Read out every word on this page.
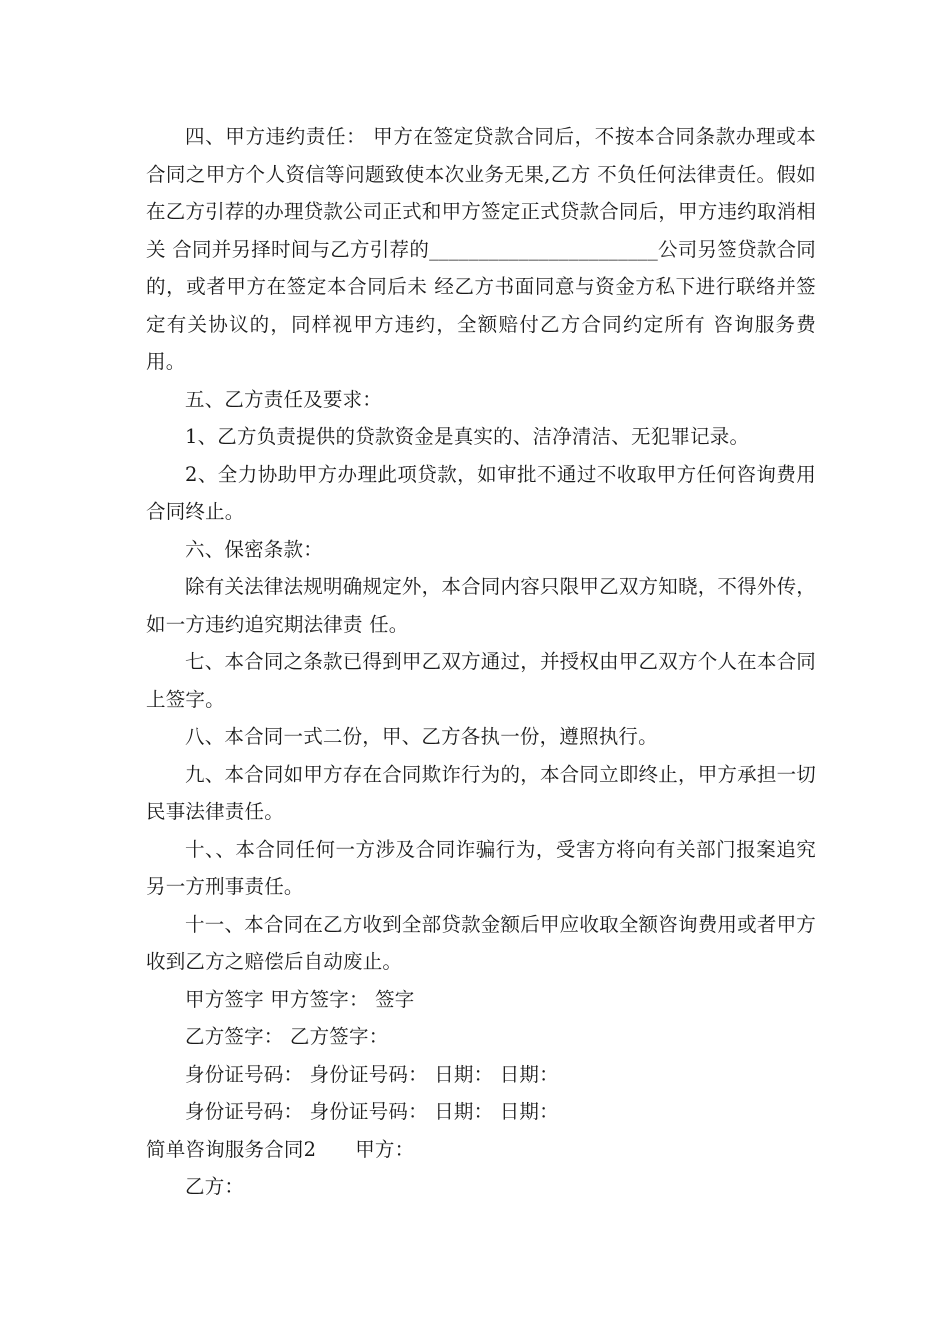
四、甲方违约责任： 甲方在签定贷款合同后，不按本合同条款办理或本合同之甲方个人资信等问题致使本次业务无果,乙方 不负任何法律责任。假如在乙方引荐的办理贷款公司正式和甲方签定正式贷款合同后，甲方违约取消相关 合同并另择时间与乙方引荐的_______________________公司另签贷款合同的，或者甲方在签定本合同后未 经乙方书面同意与资金方私下进行联络并签定有关协议的，同样视甲方违约，全额赔付乙方合同约定所有 咨询服务费用。

五、乙方责任及要求：

1、乙方负责提供的贷款资金是真实的、洁净清洁、无犯罪记录。

2、全力协助甲方办理此项贷款，如审批不通过不收取甲方任何咨询费用合同终止。

六、保密条款：

除有关法律法规明确规定外，本合同内容只限甲乙双方知晓，不得外传，如一方违约追究期法律责 任。

七、本合同之条款已得到甲乙双方通过，并授权由甲乙双方个人在本合同上签字。

八、本合同一式二份，甲、乙方各执一份，遵照执行。

九、本合同如甲方存在合同欺诈行为的，本合同立即终止，甲方承担一切民事法律责任。

十、、本合同任何一方涉及合同诈骗行为，受害方将向有关部门报案追究另一方刑事责任。

十一、本合同在乙方收到全部贷款金额后甲应收取全额咨询费用或者甲方收到乙方之赔偿后自动废止。

甲方签字 甲方签字： 签字

乙方签字： 乙方签字：

身份证号码： 身份证号码： 日期： 日期：

身份证号码： 身份证号码： 日期： 日期：

简单咨询服务合同2 甲方：

乙方：
